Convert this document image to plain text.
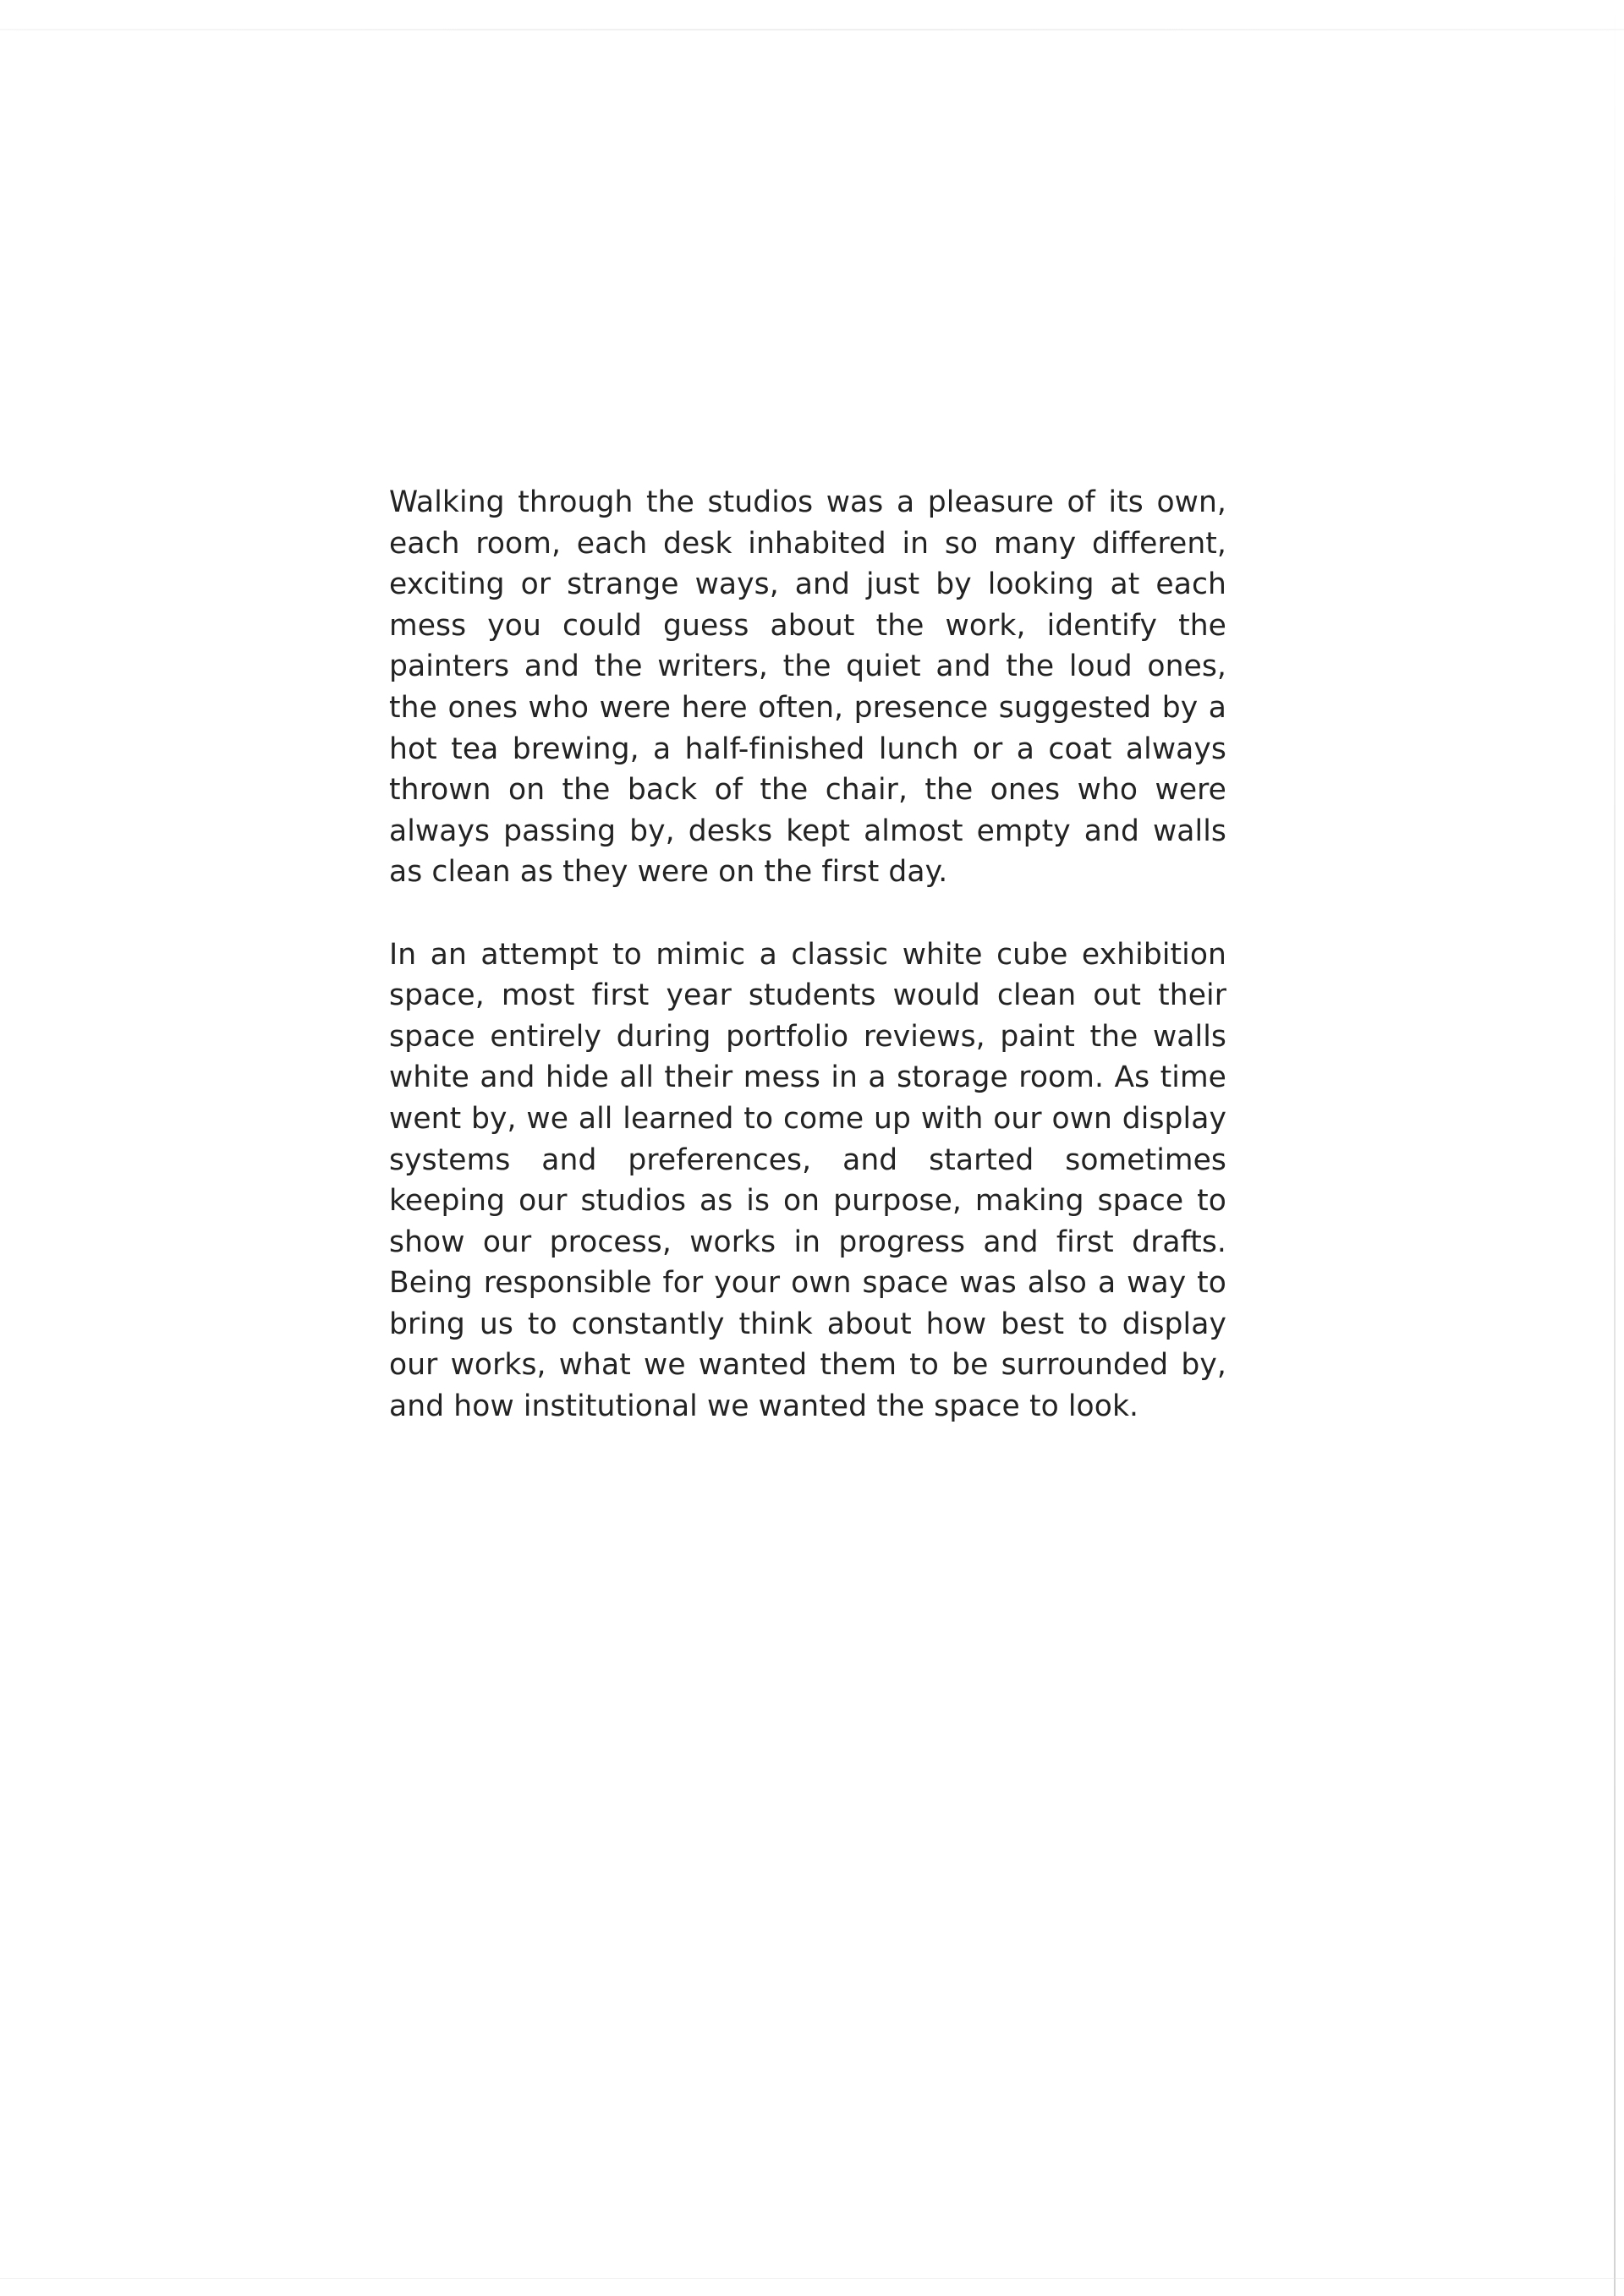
Walking through the studios was a pleasure of its own, each room, each desk inhabited in so many different, exciting or strange ways, and just by looking at each mess you could guess about the work, identify the painters and the writers, the quiet and the loud ones, the ones who were here often, presence suggested by a hot tea brewing, a half-finished lunch or a coat always thrown on the back of the chair, the ones who were always passing by, desks kept almost empty and walls as clean as they were on the first day.

In an attempt to mimic a classic white cube exhibition space, most first year students would clean out their space entirely during portfolio reviews, paint the walls white and hide all their mess in a storage room. As time went by, we all learned to come up with our own display systems and preferences, and started sometimes keeping our studios as is on purpose, making space to show our process, works in progress and first drafts. Being responsible for your own space was also a way to bring us to constantly think about how best to display our works, what we wanted them to be surrounded by, and how institutional we wanted the space to look.
